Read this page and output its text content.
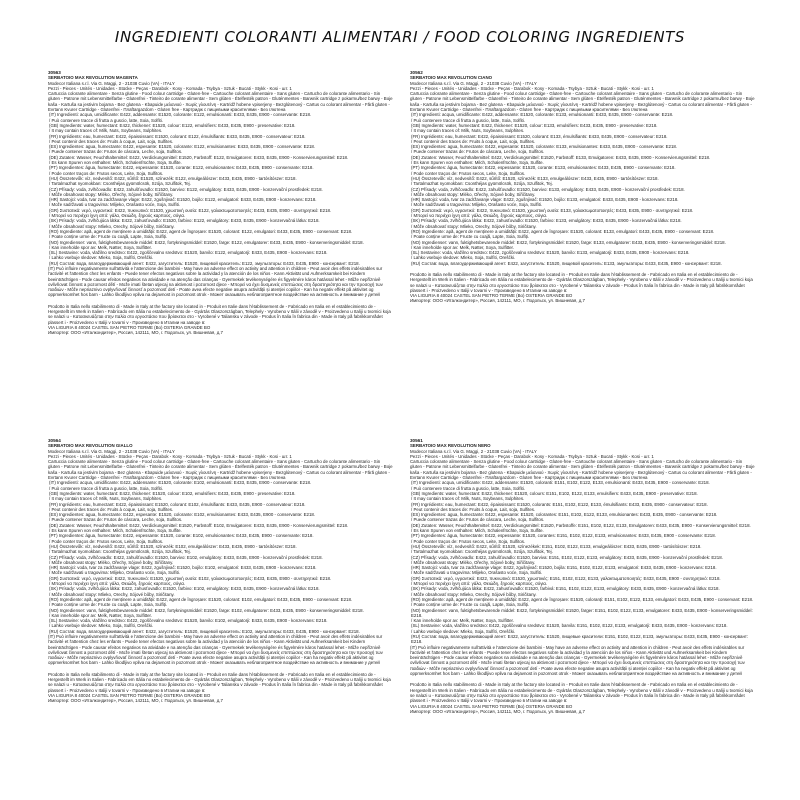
INGREDIENTI COLORANTI ALIMENTARI / FOOD COLORING INGREDIENTS
30563
SERBATOIO MAX REVOLUTION MAGENTA
Modecor Italiana s.r.l. Via G. Maggi, 2 - 21038 Cuvio (VA) - ITALY
Pezzi - Pieces - Unités - Unidades - Stücke - Peças - Darabok - Kosy - Komada - Tsybya - Sztuk - Bucati - Stykk - Kosi - шт. 1
Cartuccia colorante alimentare - Senza glutine - Food colour cartridge - Gluten-free - Cartouche colorant alimentaire - Sans gluten - Cartucho de colorante alimentario - Sin gluten - Patrone mit Lebensmittelfarbe - Glutenfrei - Tinteiro de corante alimentar - Sem glúten - Ételfesték patron - Gluténmentes - Barwnik cartridge z pokarmu/bez barwy - Boje kaša - Kartuša sa jestivim bojama - Bez glutena - Kbapuide μελανιού - Χωρίς γλουτένη - Kartridž hobene vpiserjeny - Bezglútenový - Cartus cu colorant alimentar - Fără gluten - Evrtann Kvurer Cartridge - Glutenfrei - Плаftargazdom - Gluten free - Картридж с пищевыми красителями - Без глютена
(IT) Ingredienti: acqua, umidificante: E422, addensante: E1520, colorante: E122, emulsionanti: E433, E435, E900 - conservante: E218.
/ Può contenere tracce di frutta a guscio, latte, Soia, Solfiti.
(GB) Ingredients: water, humectant: E422, thickener: E1520, colour: E122, emulsifiers: E433, E435, E900 - preservative: E218.
/ It may contain traces of: Milk, Nuts, Soybeans, Sulphites.
(FR) Ingrédients: eau, humectant: E422, épaississant: E1520, colorant: E122, émulsifiants: E433, E435, E900 - conservateur: E218.
/ Peut contenir des traces de: Fruits à coque, Lait, soja, Sulfites.
(ES) Ingredientes: agua, humectante: E422, espesante: E1520, colorante: E122, emulsionantes: E433, E435, E900 - conservante: E218.
/ Puede contener trazas de: Frutos de cáscara, Leche, soja, Sulfitos.
(DE) Zutaten: Wasser, Feuchthaltemittel: E422, Verdickungsmittel: E1520, Farbstoff: E122, Emulgatoren: E433, E435, E900 - Konservierungsmittel: E218.
/ Es kann Spuren von enthalten: Milch, Schalenfrüchte, Soja, Sulfite.
(PT) Ingredientes: água, humectante: E422, espessante: E1520, corante: E122, emulsionantes: E433, E435, E900 - conservante: E218.
/ Pode conter traços de: Frutos secos, Leite, Soja, Sulfitos.
(HU) Összetevők: víz, nedvesítő: E422, sűrítő: E1520, színezék: E122, emulgeálószer: E433, E435, E900 - tartósítószer: E218.
/ Tartalmazhat nyomokban: Csonthéjas gyümölcsök, Szója, Szulfitok, Tej.
(CZ) Přísady: voda, zvlhčovadlo: E422, zahušťovadlo: E1520, barvivo: E122, emulgátory: E433, E435, E900 - konzervační prostředek: E218.
/ Může obsahovat stopy: Mléko, Ořechy, Sójové boby, Siřičitany.
(HR) Sastojci: voda, tvar za zadržavanje vlage: E422, zgušnjivač: E1520, bojilo: E122, emulgatori: E433, E435, E900 - konzervans: E218.
/ Može sadržavati u tragovima: Mlijeko, Orašasto voće, Soja, Sulfiti.
(GR) Συστατικά: νερό, υγραντικό: E422, πυκνωτικό: E1520, χρωστική ουσία: E122, γαλακτωματοποιητές: E433, E435, E900 - συντηρητικό: E218.
/ Μπορεί να περιέχει ίχνη από: γάλα, Θειώδη, ξηρούς καρπούς, σόγια.
(SK) Prísady: voda, zvlhčujúca látka: E422, zahusťovadlo: E1520, farbivo: E122, emulgátory: E433, E435, E900 - konzervačná látka: E218.
/ Môže obsahovať stopy: Mlieko, Orechy, Sójové bôby, Siričitany.
(RO) Ingrediente: apă, agent de menținere a umidității: E422, agent de îngroșare: E1520, colorant: E122, emulgatori: E433, E435, E900 - conservant: E218.
/ Poate conține urme de: Fructe cu coajă, Lapte, Soia, Sulfiți.
(NO) Ingredienser: vann, fuktighetsbevarende middel: E422, fortykningsmiddel: E1520, farge: E122, emulgatorer: E433, E435, E900 - konserveringsmiddel: E218.
/ Kan inneholde spor av: Melk, Nøtter, Soya, Sulfitter.
(SL) Sestavine: voda, vlažilno sredstvo: E422, zgoščevalno sredstvo: E1520, barvilo: E122, emulgatorji: E433, E435, E900 - konzervans: E218.
/ Lahko vsebuje sledove: Mleko, Soja, Sulfiti, Oreščki.
(RU) Состав: вода, влагоудерживающий агент: E422, загуститель: E1520, пищевой краситель: E122, эмульгаторы: E433, E435, E900 - консервант: E218.
(IT) Può influire negativamente sull'attività e l'attenzione dei bambini - May have an adverse effect on activity and attention in children - Peut avoir des effets indésirables sur l'activité et l'attention chez les enfants - Puede tener efectos negativos sobre la actividad y la atención de los niños - Kann Aktivität und Aufmerksamkeit bei Kindern beeinträchtigen - Pode causar efeitos negativos na atividade e na atenção das crianças - Gyermekek tevékenységére és figyelmére káros hatással lehet - Může nepříznivě ovlivňovat činnost a pozornost dětí - Može imati štetan utjecaj na aktivnost i pozornost djece - Μπορεί να έχει δυσμενείς επιπτώσεις στη δραστηριότητα και την προσοχή των παιδιών - Môže nepriaznivo ovplyvňovať činnosť a pozornosť detí - Poate avea efecte negative asupra activității și atenției copiilor - Kan ha negativ effekt på aktivitet og oppmerksomhet hos barn - Lahko škodljivo vpliva na dejavnost in pozornost otrok - Может оказывать неблагоприятное воздействие на активность и внимание у детей
Prodotto in Italia nello stabilimento di - Made in Italy at the factory site located in - Produit en Italie dans l'établissement de - Fabricado en Italia en el establecimiento de - Hergestellt im Werk in Italien - Fabricado em Itália no estabelecimento de - Gyártás Olaszországban, Telephely - Vyrobeno v Itálii v závodě v - Proizvedeno u Italiji u tvornici koja se nalazi u - Κατασκευάζεται στην Ιταλία στο εργοστάσιο που βρίσκεται στο - Vyrobené v Taliansku v závode - Produs în Italia în fabrica din - Made in Italy på fabrikkområdet plassert i - Proizvedeno v Italiji v tovarni v - Произведено в Италии на заводе в:
VIA LIGURIA 8 40024 CASTEL SAN PIETRO TERME (Bo) OSTERIA GRANDE BO
Импортер: ООО «Италкондитер», Россия, 142111, МО, г. Подольск, ул. Вишневая, д.7
30562
SERBATOIO MAX REVOLUTION CIANO
Modecor Italiana s.r.l. Via G. Maggi, 2 - 21038 Cuvio (VA) - ITALY
Pezzi - Pieces - Unités - Unidades - Stücke - Peças - Darabok - Kosy - Komada - Tsybya - Sztuk - Bucati - Stykk - Kosi - шт. 1
Cartuccia colorante alimentare - Senza glutine - Food colour cartridge - Gluten-free - Cartouche colorant alimentaire - Sans gluten - Cartucho de colorante alimentario - Sin gluten - Patrone mit Lebensmittelfarbe - Glutenfrei - Tinteiro de corante alimentar - Sem glúten - Ételfesték patron - Gluténmentes - Barwnik cartridge z pokarmu/bez barwy - Boje kaša - Kartuša sa jestivim bojama - Bez glutena - Kbapuide μελανιού - Χωρίς γλουτένη - Kartridž hobene vpiserjeny - Bezglútenový - Cartus cu colorant alimentar - Fără gluten - Evrtann Kvurer Cartridge - Glutenfrei - Плаftargazdom - Gluten free - Картридж с пищевыми красителями - Без глютена
(IT) Ingredienti: acqua, umidificante: E422, addensante: E1520, colorante: E133, emulsionanti: E433, E435, E900 - conservante: E218.
/ Può contenere tracce di frutta a guscio, latte, Soia, Solfiti.
(GB) Ingredients: water, humectant: E422, thickener: E1520, colour: E133, emulsifiers: E433, E435, E900 - preservative: E218.
/ It may contain traces of: Milk, Nuts, Soybeans, Sulphites.
(FR) Ingrédients: eau, humectant: E422, épaississant: E1520, colorant: E133, émulsifiants: E433, E435, E900 - conservateur: E218.
/ Peut contenir des traces de: Fruits à coque, Lait, soja, Sulfites.
(ES) Ingredientes: agua, humectante: E422, espesante: E1520, colorante: E133, emulsionantes: E433, E435, E900 - conservante: E218.
/ Puede contener trazas de: Frutos de cáscara, Leche, soja, Sulfitos.
(DE) Zutaten: Wasser, Feuchthaltemittel: E422, Verdickungsmittel: E1520, Farbstoff: E133, Emulgatoren: E433, E435, E900 - Konservierungsmittel: E218.
/ Es kann Spuren von enthalten: Milch, Schalenfrüchte, Soja, Sulfite.
(PT) Ingredientes: água, humectante: E422, espessante: E1520, corante: E133, emulsionantes: E433, E435, E900 - conservante: E218.
/ Pode conter traços de: Frutos secos, Leite, Soja, Sulfitos.
(HU) Összetevők: víz, nedvesítő: E422, sűrítő: E1520, színezék: E133, emulgeálószer: E433, E435, E900 - tartósítószer: E218.
/ Tartalmazhat nyomokban: Csonthéjas gyümölcsök, Szója, Szulfitok, Tej.
(CZ) Přísady: voda, zvlhčovadlo: E422, zahušťovadlo: E1520, barvivo: E133, emulgátory: E433, E435, E900 - konzervační prostředek: E218.
/ Může obsahovat stopy: Mléko, Ořechy, Sójové boby, Siřičitany.
(HR) Sastojci: voda, tvar za zadržavanje vlage: E422, zgušnjivač: E1520, bojilo: E133, emulgatori: E433, E435, E900 - konzervans: E218.
/ Može sadržavati u tragovima: Mlijeko, Orašasto voće, Soja, Sulfiti.
(GR) Συστατικά: νερό, υγραντικό: E422, πυκνωτικό: E1520, χρωστική ουσία: E133, γαλακτωματοποιητές: E433, E435, E900 - συντηρητικό: E218.
/ Μπορεί να περιέχει ίχνη από: γάλα, Θειώδη, ξηρούς καρπούς, σόγια.
(SK) Prísady: voda, zvlhčujúca látka: E422, zahusťovadlo: E1520, farbivo: E133, emulgátory: E433, E435, E900 - konzervačná látka: E218.
/ Môže obsahovať stopy: Mlieko, Orechy, Sójové bôby, Siričitany.
(RO) Ingrediente: apă, agent de menținere a umidității: E422, agent de îngroșare: E1520, colorant: E133, emulgatori: E433, E435, E900 - conservant: E218.
/ Poate conține urme de: Fructe cu coajă, Lapte, Soia, Sulfiți.
(NO) Ingredienser: vann, fuktighetsbevarende middel: E422, fortykningsmiddel: E1520, farge: E133, emulgatorer: E433, E435, E900 - konserveringsmiddel: E218.
/ Kan inneholde spor av: Melk, Nøtter, Soya, Sulfitter.
(SL) Sestavine: voda, vlažilno sredstvo: E422, zgoščevalno sredstvo: E1520, barvilo: E133, emulgatorji: E433, E435, E900 - konzervans: E218.
/ Lahko vsebuje sledove: Mleko, Soja, Sulfiti, Oreščki.
(RU) Состав: вода, влагоудерживающий агент: E422, загуститель: E1520, пищевой краситель: E133, эмульгаторы: E433, E435, E900 - консервант: E218.
Prodotto in Italia nello stabilimento di - Made in Italy at the factory site located in - Produit en Italie dans l'établissement de - Fabricado en Italia en el establecimiento de - Hergestellt im Werk in Italien - Fabricado em Itália no estabelecimento de - Gyártás Olaszországban, Telephely - Vyrobeno v Itálii v závodě v - Proizvedeno u Italiji u tvornici koja se nalazi u - Κατασκευάζεται στην Ιταλία στο εργοστάσιο που βρίσκεται στο - Vyrobené v Taliansku v závode - Produs în Italia în fabrica din - Made in Italy på fabrikkområdet plassert i - Proizvedeno v Italiji v tovarni v - Произведено в Италии на заводе в:
VIA LIGURIA 8 40024 CASTEL SAN PIETRO TERME (Bo) OSTERIA GRANDE BO
Импортер: ООО «Италкондитер», Россия, 142111, МО, г. Подольск, ул. Вишневая, д.7
30564
SERBATOIO MAX REVOLUTION GIALLO
Modecor Italiana s.r.l. Via G. Maggi, 2 - 21038 Cuvio (VA) - ITALY
Pezzi - Pieces - Unités - Unidades - Stücke - Peças - Darabok - Kosy - Komada - Tsybya - Sztuk - Bucati - Stykk - Kosi - шт. 1
Cartuccia colorante alimentare - Senza glutine - Food colour cartridge - Gluten-free - Cartouche colorant alimentaire - Sans gluten - Cartucho de colorante alimentario - Sin gluten - Patrone mit Lebensmittelfarbe - Glutenfrei - Tinteiro de corante alimentar - Sem glúten - Ételfesték patron - Gluténmentes - Barwnik cartridge z pokarmu/bez barwy - Boje kaša - Kartuša sa jestivim bojama - Bez glutena - Kbapuide μελανιού - Χωρίς γλουτένη - Kartridž hobene vpiserjeny - Bezglútenový - Cartus cu colorant alimentar - Fără gluten - Evrtann Kvurer Cartridge - Glutenfrei - Плаftargazdom - Gluten free - Картридж с пищевыми красителями - Без глютена
(IT) Ingredienti: acqua, umidificante: E422, addensante: E1520, colorante: E102, emulsionanti: E433, E435, E900 - conservante: E218.
/ Può contenere tracce di frutta a guscio, latte, Soia, Solfiti.
(GB) Ingredients: water, humectant: E422, thickener: E1520, colour: E102, emulsifiers: E433, E435, E900 - preservative: E218.
/ It may contain traces of: Milk, Nuts, Soybeans, Sulphites.
(FR) Ingrédients: eau, humectant: E422, épaississant: E1520, colorant: E102, émulsifiants: E433, E435, E900 - conservateur: E218.
/ Peut contenir des traces de: Fruits à coque, Lait, soja, Sulfites.
(ES) Ingredientes: agua, humectante: E422, espesante: E1520, colorante: E102, emulsionantes: E433, E435, E900 - conservante: E218.
/ Puede contener trazas de: Frutos de cáscara, Leche, soja, Sulfitos.
(DE) Zutaten: Wasser, Feuchthaltemittel: E422, Verdickungsmittel: E1520, Farbstoff: E102, Emulgatoren: E433, E435, E900 - Konservierungsmittel: E218.
/ Es kann Spuren von enthalten: Milch, Schalenfrüchte, Soja, Sulfite.
(PT) Ingredientes: água, humectante: E422, espessante: E1520, corante: E102, emulsionantes: E433, E435, E900 - conservante: E218.
/ Pode conter traços de: Frutos secos, Leite, Soja, Sulfitos.
(HU) Összetevők: víz, nedvesítő: E422, sűrítő: E1520, színezék: E102, emulgeálószer: E433, E435, E900 - tartósítószer: E218.
/ Tartalmazhat nyomokban: Csonthéjas gyümölcsök, Szója, Szulfitok, Tej.
(CZ) Přísady: voda, zvlhčovadlo: E422, zahušťovadlo: E1520, barvivo: E102, emulgátory: E433, E435, E900 - konzervační prostředek: E218.
/ Může obsahovat stopy: Mléko, Ořechy, Sójové boby, Siřičitany.
(HR) Sastojci: voda, tvar za zadržavanje vlage: E422, zgušnjivač: E1520, bojilo: E102, emulgatori: E433, E435, E900 - konzervans: E218.
/ Može sadržavati u tragovima: Mlijeko, Orašasto voće, Soja, Sulfiti.
(GR) Συστατικά: νερό, υγραντικό: E422, πυκνωτικό: E1520, χρωστική ουσία: E102, γαλακτωματοποιητές: E433, E435, E900 - συντηρητικό: E218.
/ Μπορεί να περιέχει ίχνη από: γάλα, Θειώδη, ξηρούς καρπούς, σόγια.
(SK) Prísady: voda, zvlhčujúca látka: E422, zahusťovadlo: E1520, farbivo: E102, emulgátory: E433, E435, E900 - konzervačná látka: E218.
/ Môže obsahovať stopy: Mlieko, Orechy, Sójové bôby, Siričitany.
(RO) Ingrediente: apă, agent de menținere a umidității: E422, agent de îngroșare: E1520, colorant: E102, emulgatori: E433, E435, E900 - conservant: E218.
/ Poate conține urme de: Fructe cu coajă, Lapte, Soia, Sulfiți.
(NO) Ingredienser: vann, fuktighetsbevarende middel: E422, fortykningsmiddel: E1520, farge: E102, emulgatorer: E433, E435, E900 - konserveringsmiddel: E218.
/ Kan inneholde spor av: Melk, Nøtter, Soya, Sulfitter.
(SL) Sestavine: voda, vlažilno sredstvo: E422, zgoščevalno sredstvo: E1520, barvilo: E102, emulgatorji: E433, E435, E900 - konzervans: E218.
/ Lahko vsebuje sledove: Mleko, Soja, Sulfiti, Oreščki.
(RU) Состав: вода, влагоудерживающий агент: E422, загуститель: E1520, пищевой краситель: E102, эмульгаторы: E433, E435, E900 - консервант: E218.
(IT) Può influire negativamente sull'attività e l'attenzione dei bambini - May have an adverse effect on activity and attention in children - Peut avoir des effets indésirables sur l'activité et l'attention chez les enfants - Puede tener efectos negativos sobre la actividad y la atención de los niños - Kann Aktivität und Aufmerksamkeit bei Kindern beeinträchtigen - Pode causar efeitos negativos na atividade e na atenção das crianças - Gyermekek tevékenységére és figyelmére káros hatással lehet - Může nepříznivě ovlivňovat činnost a pozornost dětí - Može imati štetan utjecaj na aktivnost i pozornost djece - Μπορεί να έχει δυσμενείς επιπτώσεις στη δραστηριότητα και την προσοχή των παιδιών - Môže nepriaznivo ovplyvňovať činnosť a pozornosť detí - Poate avea efecte negative asupra activității și atenției copiilor - Kan ha negativ effekt på aktivitet og oppmerksomhet hos barn - Lahko škodljivo vpliva na dejavnost in pozornost otrok - Может оказывать неблагоприятное воздействие на активность и внимание у детей
Prodotto in Italia nello stabilimento di - Made in Italy at the factory site located in - Produit en Italie dans l'établissement de - Fabricado en Italia en el establecimiento de - Hergestellt im Werk in Italien - Fabricado em Itália no estabelecimento de - Gyártás Olaszországban, Telephely - Vyrobeno v Itálii v závodě v - Proizvedeno u Italiji u tvornici koja se nalazi u - Κατασκευάζεται στην Ιταλία στο εργοστάσιο που βρίσκεται στο - Vyrobené v Taliansku v závode - Produs în Italia în fabrica din - Made in Italy på fabrikkområdet plassert i - Proizvedeno v Italiji v tovarni v - Произведено в Италии на заводе в:
VIA LIGURIA 8 40024 CASTEL SAN PIETRO TERME (Bo) OSTERIA GRANDE BO
Импортер: ООО «Италкондитер», Россия, 142111, МО, г. Подольск, ул. Вишневая, д.7
30561
SERBATOIO MAX REVOLUTION NERO
Modecor Italiana s.r.l. Via G. Maggi, 2 - 21038 Cuvio (VA) - ITALY
Pezzi - Pieces - Unités - Unidades - Stücke - Peças - Darabok - Kosy - Komada - Tsybya - Sztuk - Bucati - Stykk - Kosi - шт. 1
Cartuccia colorante alimentare - Senza glutine - Food colour cartridge - Gluten-free - Cartouche colorant alimentaire - Sans gluten - Cartucho de colorante alimentario - Sin gluten - Patrone mit Lebensmittelfarbe - Glutenfrei - Tinteiro de corante alimentar - Sem glúten - Ételfesték patron - Gluténmentes - Barwnik cartridge z pokarmu/bez barwy - Boje kaša - Kartuša sa jestivim bojama - Bez glutena - Kbapuide μελανιού - Χωρίς γλουτένη - Kartridž hobene vpiserjeny - Bezglútenový - Cartus cu colorant alimentar - Fără gluten - Evrtann Kvurer Cartridge - Glutenfrei - Плаftargazdom - Gluten free - Картридж с пищевыми красителями - Без глютена
(IT) Ingredienti: acqua, umidificante: E422, addensante: E1520, coloranti: E151, E102, E122, E133, emulsionanti: E433, E435, E900 - conservante: E218.
/ Può contenere tracce di frutta a guscio, latte, Soia, Solfiti.
(GB) Ingredients: water, humectant: E422, thickener: E1520, colours: E151, E102, E122, E133, emulsifiers: E433, E435, E900 - preservative: E218.
/ It may contain traces of: Milk, Nuts, Soybeans, Sulphites.
(FR) Ingrédients: eau, humectant: E422, épaississant: E1520, colorants: E151, E102, E122, E133, émulsifiants: E433, E435, E900 - conservateur: E218.
/ Peut contenir des traces de: Fruits à coque, Lait, soja, Sulfites.
(ES) Ingredientes: agua, humectante: E422, espesante: E1520, colorantes: E151, E102, E122, E133, emulsionantes: E433, E435, E900 - conservante: E218.
/ Puede contener trazas de: Frutos de cáscara, Leche, soja, Sulfitos.
(DE) Zutaten: Wasser, Feuchthaltemittel: E422, Verdickungsmittel: E1520, Farbstoffe: E151, E102, E122, E133, Emulgatoren: E433, E435, E900 - Konservierungsmittel: E218.
/ Es kann Spuren von enthalten: Milch, Schalenfrüchte, Soja, Sulfite.
(PT) Ingredientes: água, humectante: E422, espessante: E1520, corantes: E151, E102, E122, E133, emulsionantes: E433, E435, E900 - conservante: E218.
/ Pode conter traços de: Frutos secos, Leite, Soja, Sulfitos.
(HU) Összetevők: víz, nedvesítő: E422, sűrítő: E1520, színezékek: E151, E102, E122, E133, emulgeálószer: E433, E435, E900 - tartósítószer: E218.
/ Tartalmazhat nyomokban: Csonthéjas gyümölcsök, Szója, Szulfitok, Tej.
(CZ) Přísady: voda, zvlhčovadlo: E422, zahušťovadlo: E1520, barviva: E151, E102, E122, E133, emulgátory: E433, E435, E900 - konzervační prostředek: E218.
/ Může obsahovat stopy: Mléko, Ořechy, Sójové boby, Siřičitany.
(HR) Sastojci: voda, tvar za zadržavanje vlage: E422, zgušnjivač: E1520, bojila: E151, E102, E122, E133, emulgatori: E433, E435, E900 - konzervans: E218.
/ Može sadržavati u tragovima: Mlijeko, Orašasto voće, Soja, Sulfiti.
(GR) Συστατικά: νερό, υγραντικό: E422, πυκνωτικό: E1520, χρωστικές: E151, E102, E122, E133, γαλακτωματοποιητές: E433, E435, E900 - συντηρητικό: E218.
/ Μπορεί να περιέχει ίχνη από: γάλα, Θειώδη, ξηρούς καρπούς, σόγια.
(SK) Prísady: voda, zvlhčujúca látka: E422, zahusťovadlo: E1520, farbivá: E151, E102, E122, E133, emulgátory: E433, E435, E900 - konzervačná látka: E218.
/ Môže obsahovať stopy: Mlieko, Orechy, Sójové bôby, Siričitany.
(RO) Ingrediente: apă, agent de menținere a umidității: E422, agent de îngroșare: E1520, coloranți: E151, E102, E122, E133, emulgatori: E433, E435, E900 - conservant: E218.
/ Poate conține urme de: Fructe cu coajă, Lapte, Soia, Sulfiți.
(NO) Ingredienser: vann, fuktighetsbevarende middel: E422, fortykningsmiddel: E1520, farger: E151, E102, E122, E133, emulgatorer: E433, E435, E900 - konserveringsmiddel: E218.
/ Kan inneholde spor av: Melk, Nøtter, Soya, Sulfitter.
(SL) Sestavine: voda, vlažilno sredstvo: E422, zgoščevalno sredstvo: E1520, barvila: E151, E102, E122, E133, emulgatorji: E433, E435, E900 - konzervans: E218.
/ Lahko vsebuje sledove: Mleko, Soja, Sulfiti, Oreščki.
(RU) Состав: вода, влагоудерживающий агент: E422, загуститель: E1520, пищевые красители: E151, E102, E122, E133, эмульгаторы: E433, E435, E900 - консервант: E218.
(IT) Può influire negativamente sull'attività e l'attenzione dei bambini - May have an adverse effect on activity and attention in children - Peut avoir des effets indésirables sur l'activité et l'attention chez les enfants - Puede tener efectos negativos sobre la actividad y la atención de los niños - Kann Aktivität und Aufmerksamkeit bei Kindern beeinträchtigen - Pode causar efeitos negativos na atividade e na atenção das crianças - Gyermekek tevékenységére és figyelmére káros hatással lehet - Může nepříznivě ovlivňovat činnost a pozornost dětí - Može imati štetan utjecaj na aktivnost i pozornost djece - Μπορεί να έχει δυσμενείς επιπτώσεις στη δραστηριότητα και την προσοχή των παιδιών - Môže nepriaznivo ovplyvňovať činnosť a pozornosť detí - Poate avea efecte negative asupra activității și atenției copiilor - Kan ha negativ effekt på aktivitet og oppmerksomhet hos barn - Lahko škodljivo vpliva na dejavnost in pozornost otrok - Может оказывать неблагоприятное воздействие на активность и внимание у детей
Prodotto in Italia nello stabilimento di - Made in Italy at the factory site located in - Produit en Italie dans l'établissement de - Fabricado en Italia en el establecimiento de - Hergestellt im Werk in Italien - Fabricado em Itália no estabelecimento de - Gyártás Olaszországban, Telephely - Vyrobeno v Itálii v závodě v - Proizvedeno u Italiji u tvornici koja se nalazi u - Κατασκευάζεται στην Ιταλία στο εργοστάσιο που βρίσκεται στο - Vyrobené v Taliansku v závode - Produs în Italia în fabrica din - Made in Italy på fabrikkområdet plassert i - Proizvedeno v Italiji v tovarni v - Произведено в Италии на заводе в:
VIA LIGURIA 8 40024 CASTEL SAN PIETRO TERME (Bo) OSTERIA GRANDE BO
Импортер: ООО «Италкондитер», Россия, 142111, МО, г. Подольск, ул. Вишневая, д.7
